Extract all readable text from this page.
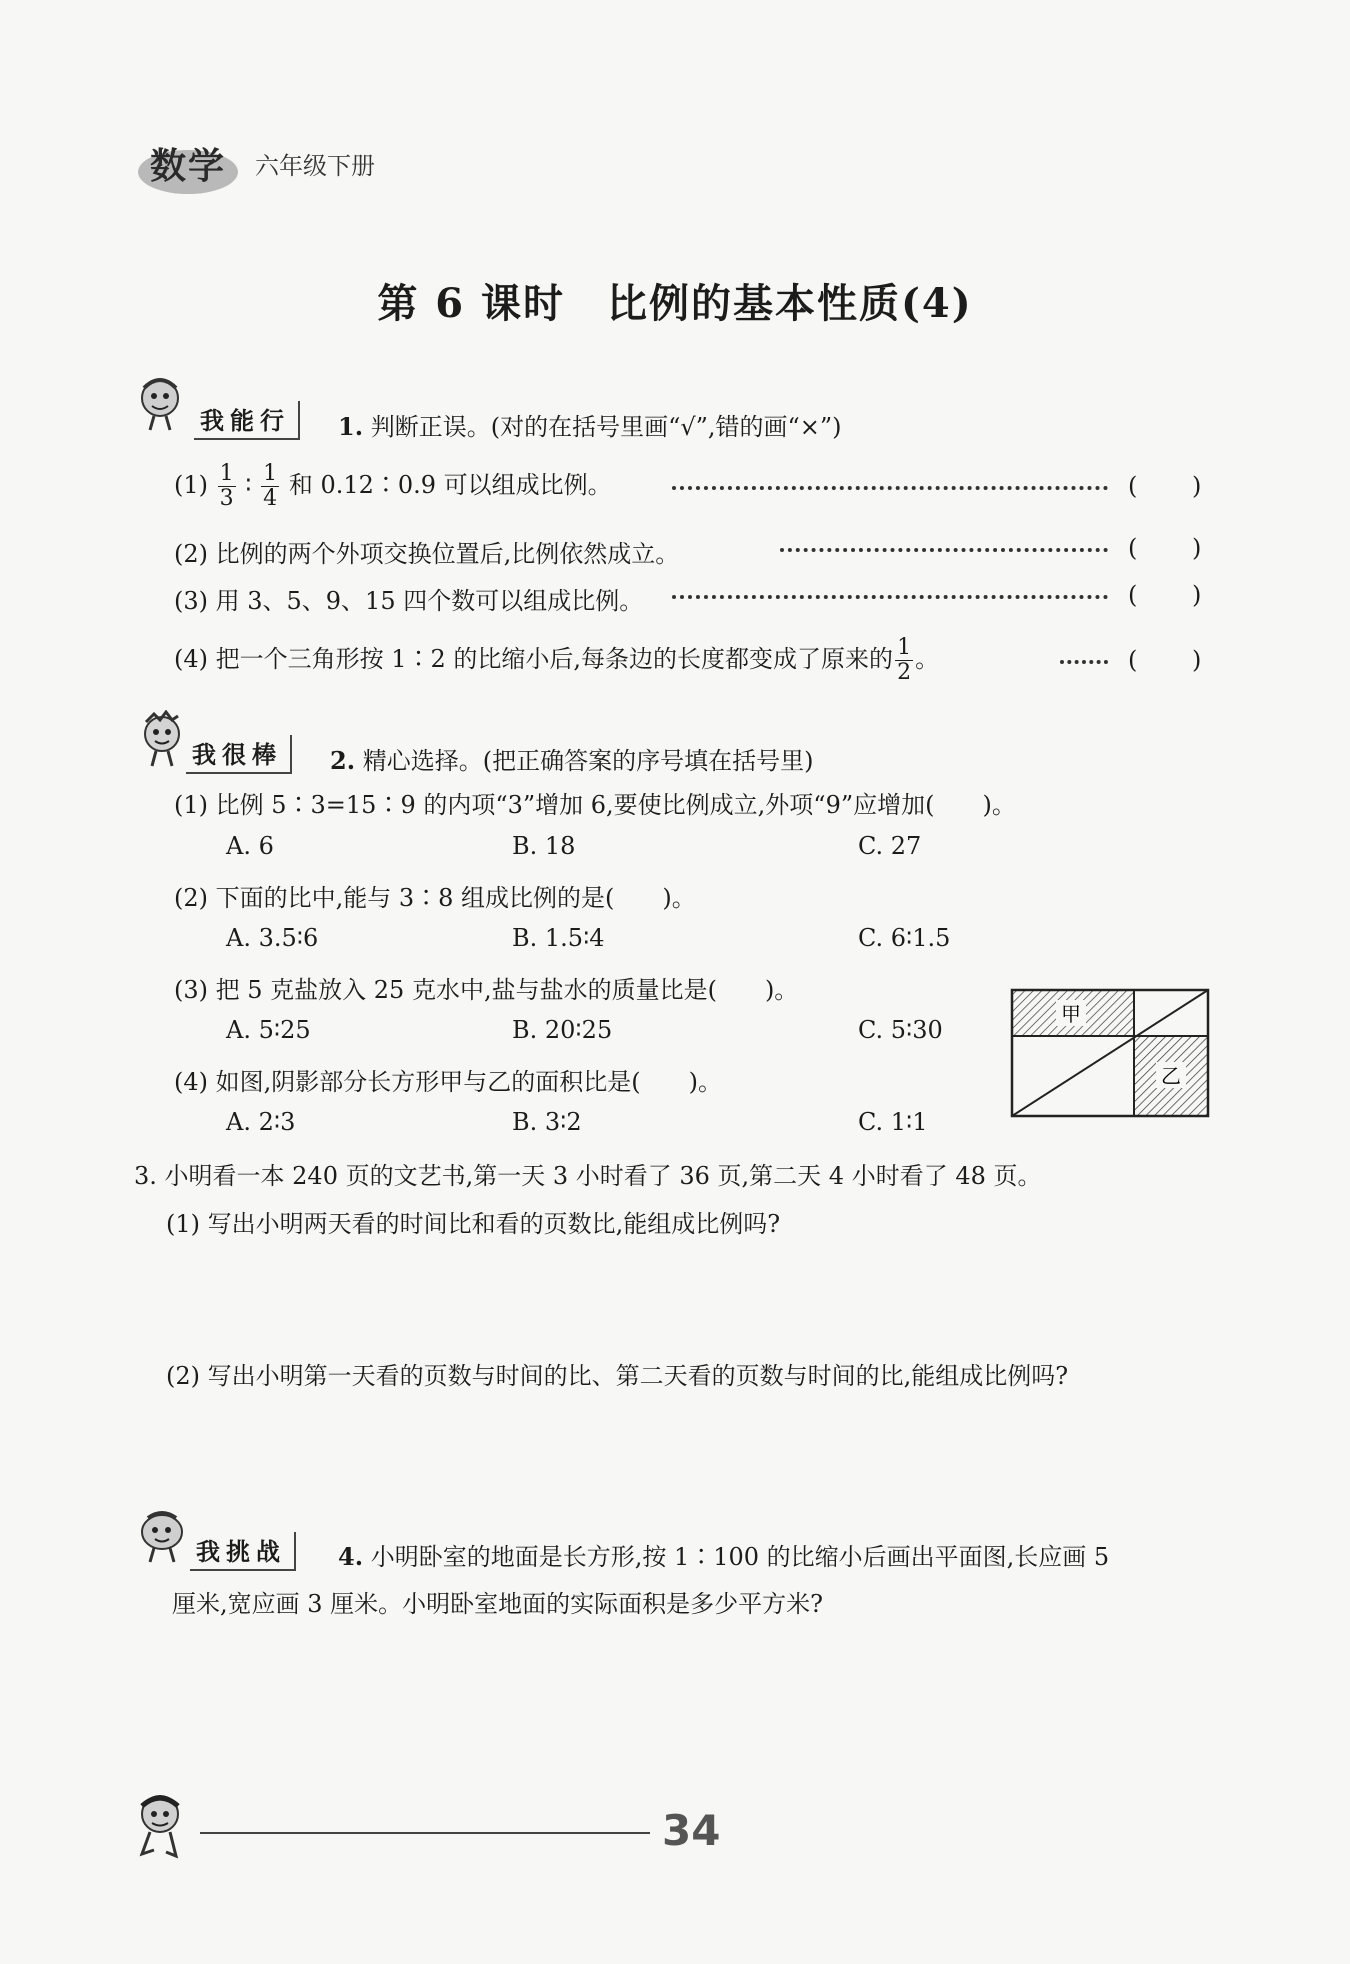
数学 六年级下册
第 6 课时　比例的基本性质(4)
我能行	1. 判断正误。(对的在括号里画“√”,错的画“×”)
$(1) \frac{1}{3}$ ∶ $\frac{1}{4}$ 和 0.12∶0.9 可以组成比例。	( )
(2) 比例的两个外项交换位置后,比例依然成立。	( )
(3) 用 3、5、9、15 四个数可以组成比例。	( )
(4) 把一个三角形按 1∶2 的比缩小后,每条边的长度都变成了原来的 $\frac{1}{2}$ 。	( )
我很棒	2. 精心选择。(把正确答案的序号填在括号里)
(1) 比例 5∶3=15∶9 的内项“3”增加 6,要使比例成立,外项“9”应增加(　　)。
A. 6	B. 18	C. 27
(2) 下面的比中,能与 3∶8 组成比例的是(　　)。
A. 3.5∶6	B. 1.5∶4	C. 6∶1.5
(3) 把 5 克盐放入 25 克水中,盐与盐水的质量比是(　　)。
A. 5∶25	B. 20∶25	C. 5∶30
(4) 如图,阴影部分长方形甲与乙的面积比是(　　)。
A. 2∶3	B. 3∶2	C. 1∶1
甲
乙
3. 小明看一本 240 页的文艺书,第一天 3 小时看了 36 页,第二天 4 小时看了 48 页。
(1) 写出小明两天看的时间比和看的页数比,能组成比例吗?
(2) 写出小明第一天看的页数与时间的比、第二天看的页数与时间的比,能组成比例吗?
我挑战	4. 小明卧室的地面是长方形,按 1∶100 的比缩小后画出平面图,长应画 5
厘米,宽应画 3 厘米。小明卧室地面的实际面积是多少平方米?
34
